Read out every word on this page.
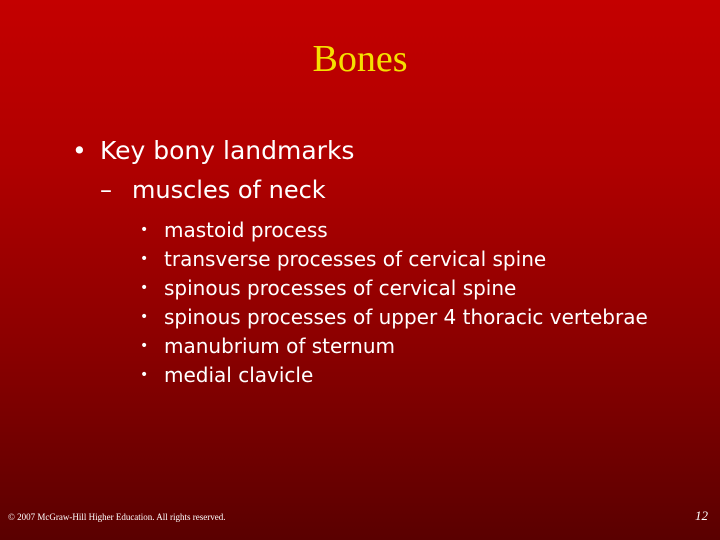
Bones
• Key bony landmarks
– muscles of neck
• mastoid process
• transverse processes of cervical spine
• spinous processes of cervical spine
• spinous processes of upper 4 thoracic vertebrae
• manubrium of sternum
• medial clavicle
© 2007 McGraw-Hill Higher Education. All rights reserved.	12
